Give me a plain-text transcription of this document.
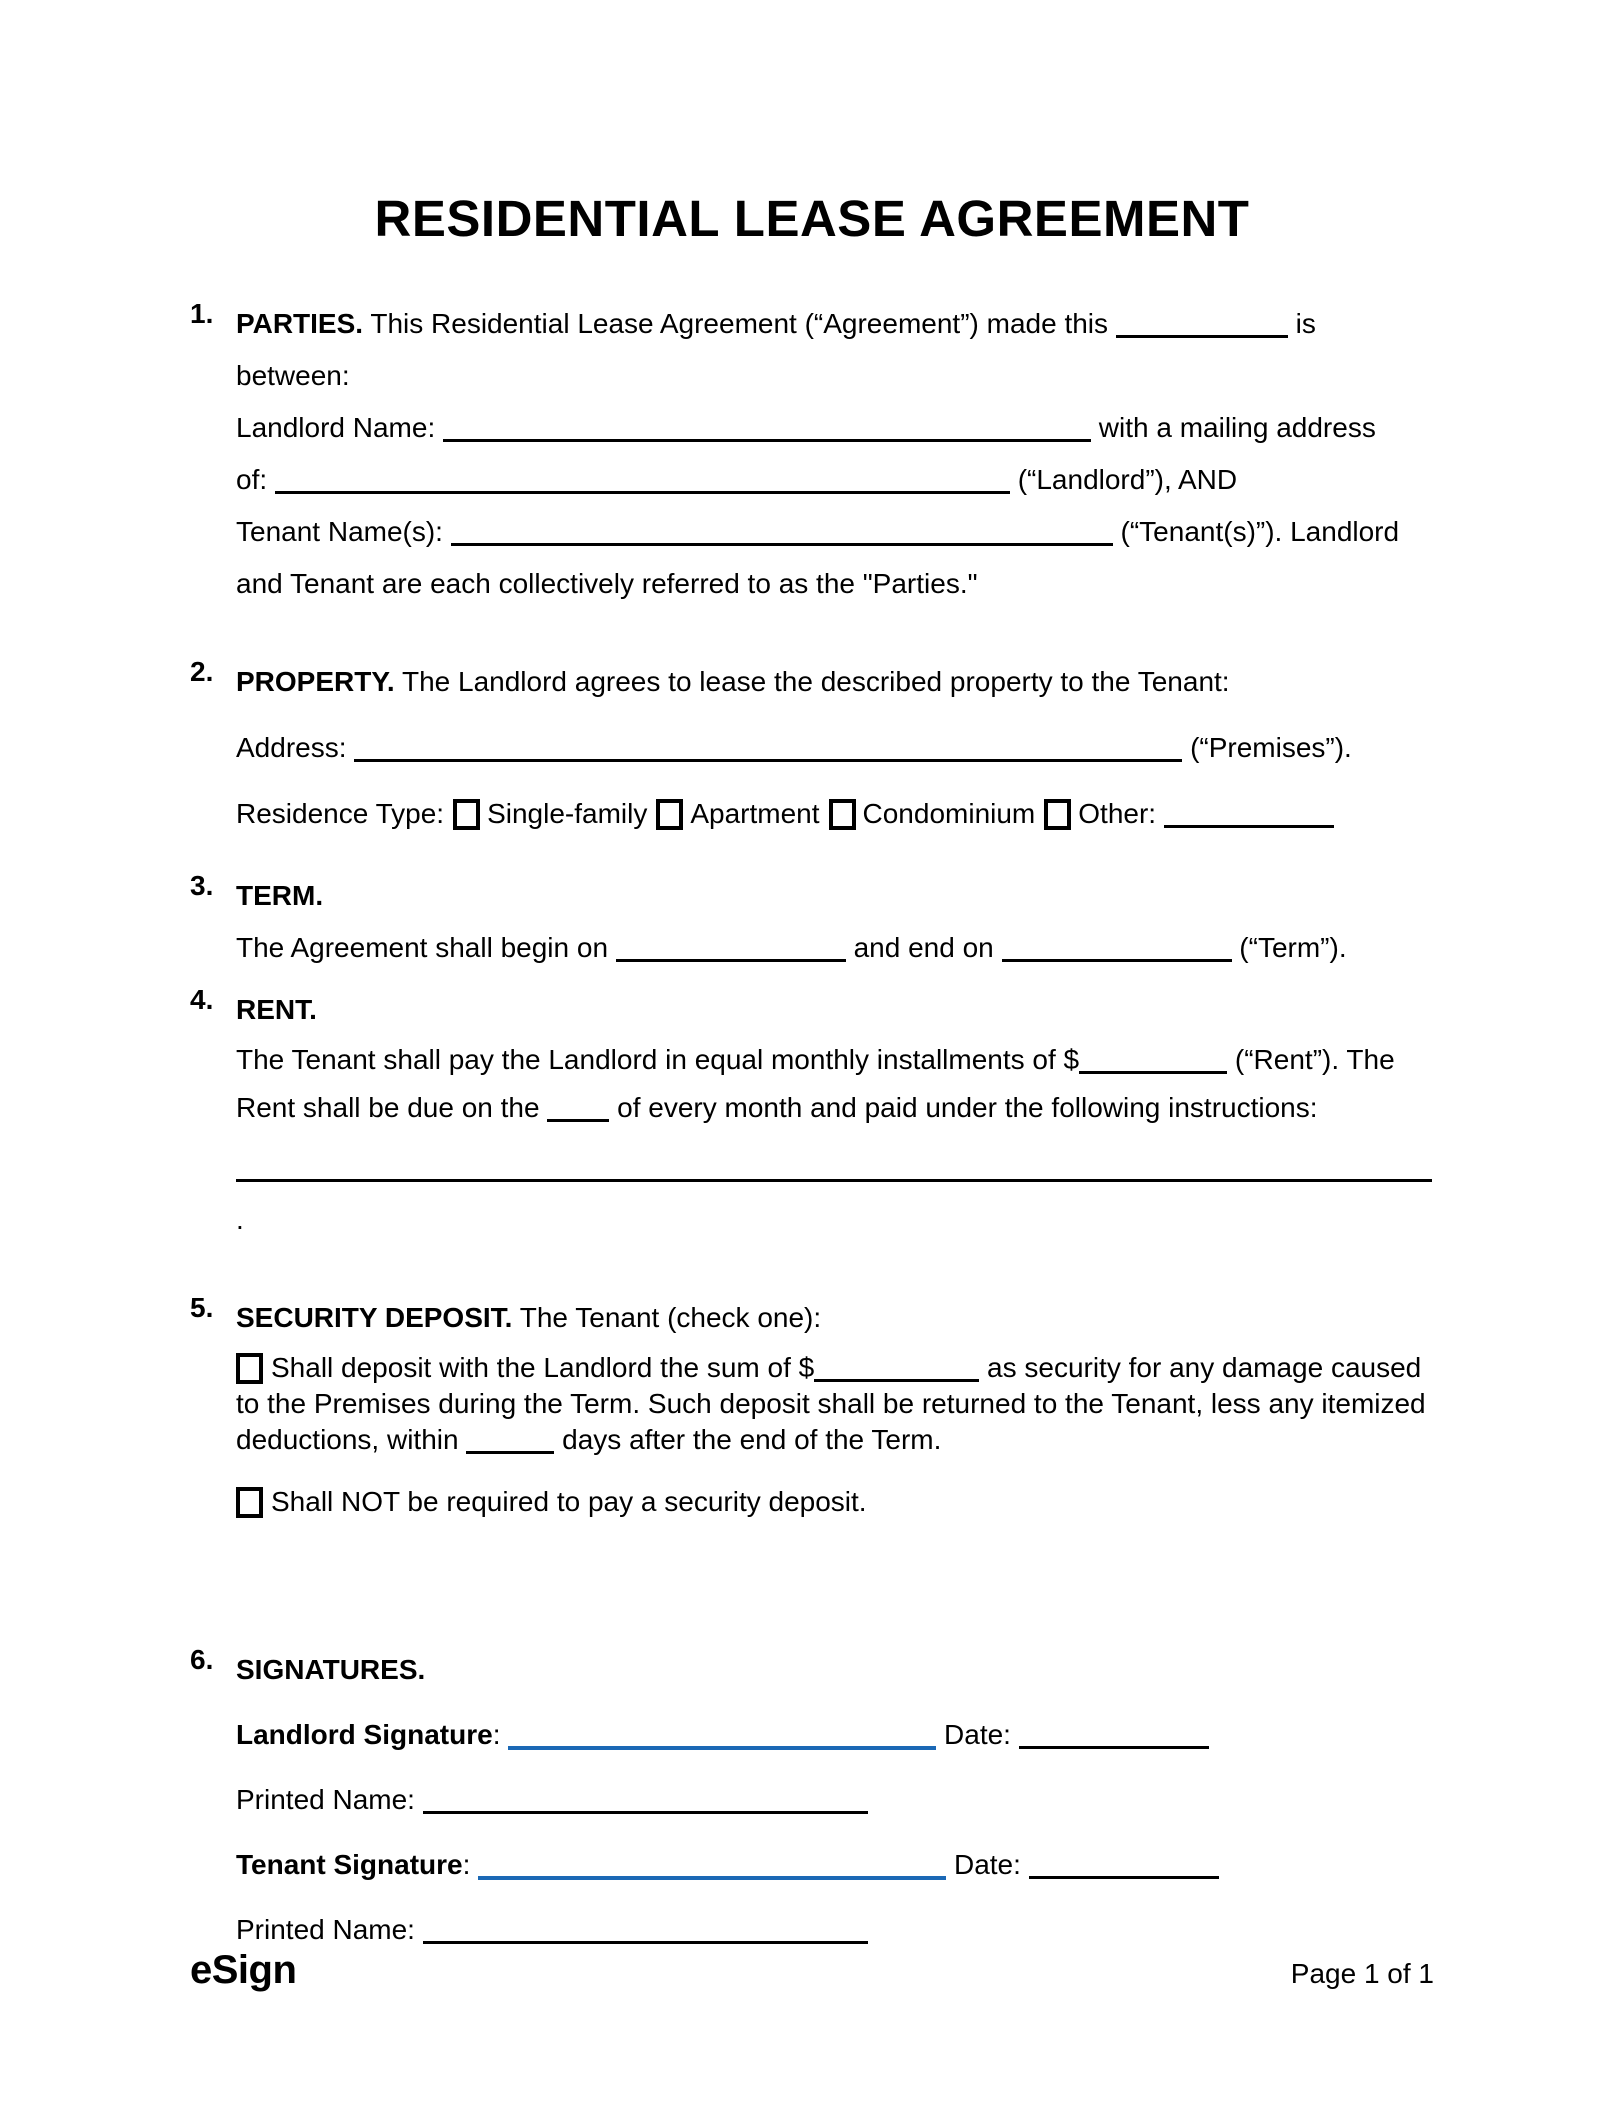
RESIDENTIAL LEASE AGREEMENT
1. PARTIES. This Residential Lease Agreement (“Agreement”) made this	is between:
Landlord Name:	with a mailing address
of:	(“Landlord”), AND
Tenant Name(s):	(“Tenant(s)”). Landlord
and Tenant are each collectively referred to as the "Parties."
2. PROPERTY. The Landlord agrees to lease the described property to the Tenant:
Address:	(“Premises”).
Residence Type: Single-family Apartment Condominium Other:
3. TERM.
The Agreement shall begin on	and end on	(“Term”).
4. RENT.
The Tenant shall pay the Landlord in equal monthly installments of $	(“Rent”). The
Rent shall be due on the	of every month and paid under the following instructions:
.
5. SECURITY DEPOSIT. The Tenant (check one):
Shall deposit with the Landlord the sum of $	as security for any damage caused
to the Premises during the Term. Such deposit shall be returned to the Tenant, less any itemized
deductions, within	days after the end of the Term.
Shall NOT be required to pay a security deposit.
6. SIGNATURES.
Landlord Signature:	Date:
Printed Name:
Tenant Signature:	Date:
Printed Name:
eSign	Page 1 of 1
